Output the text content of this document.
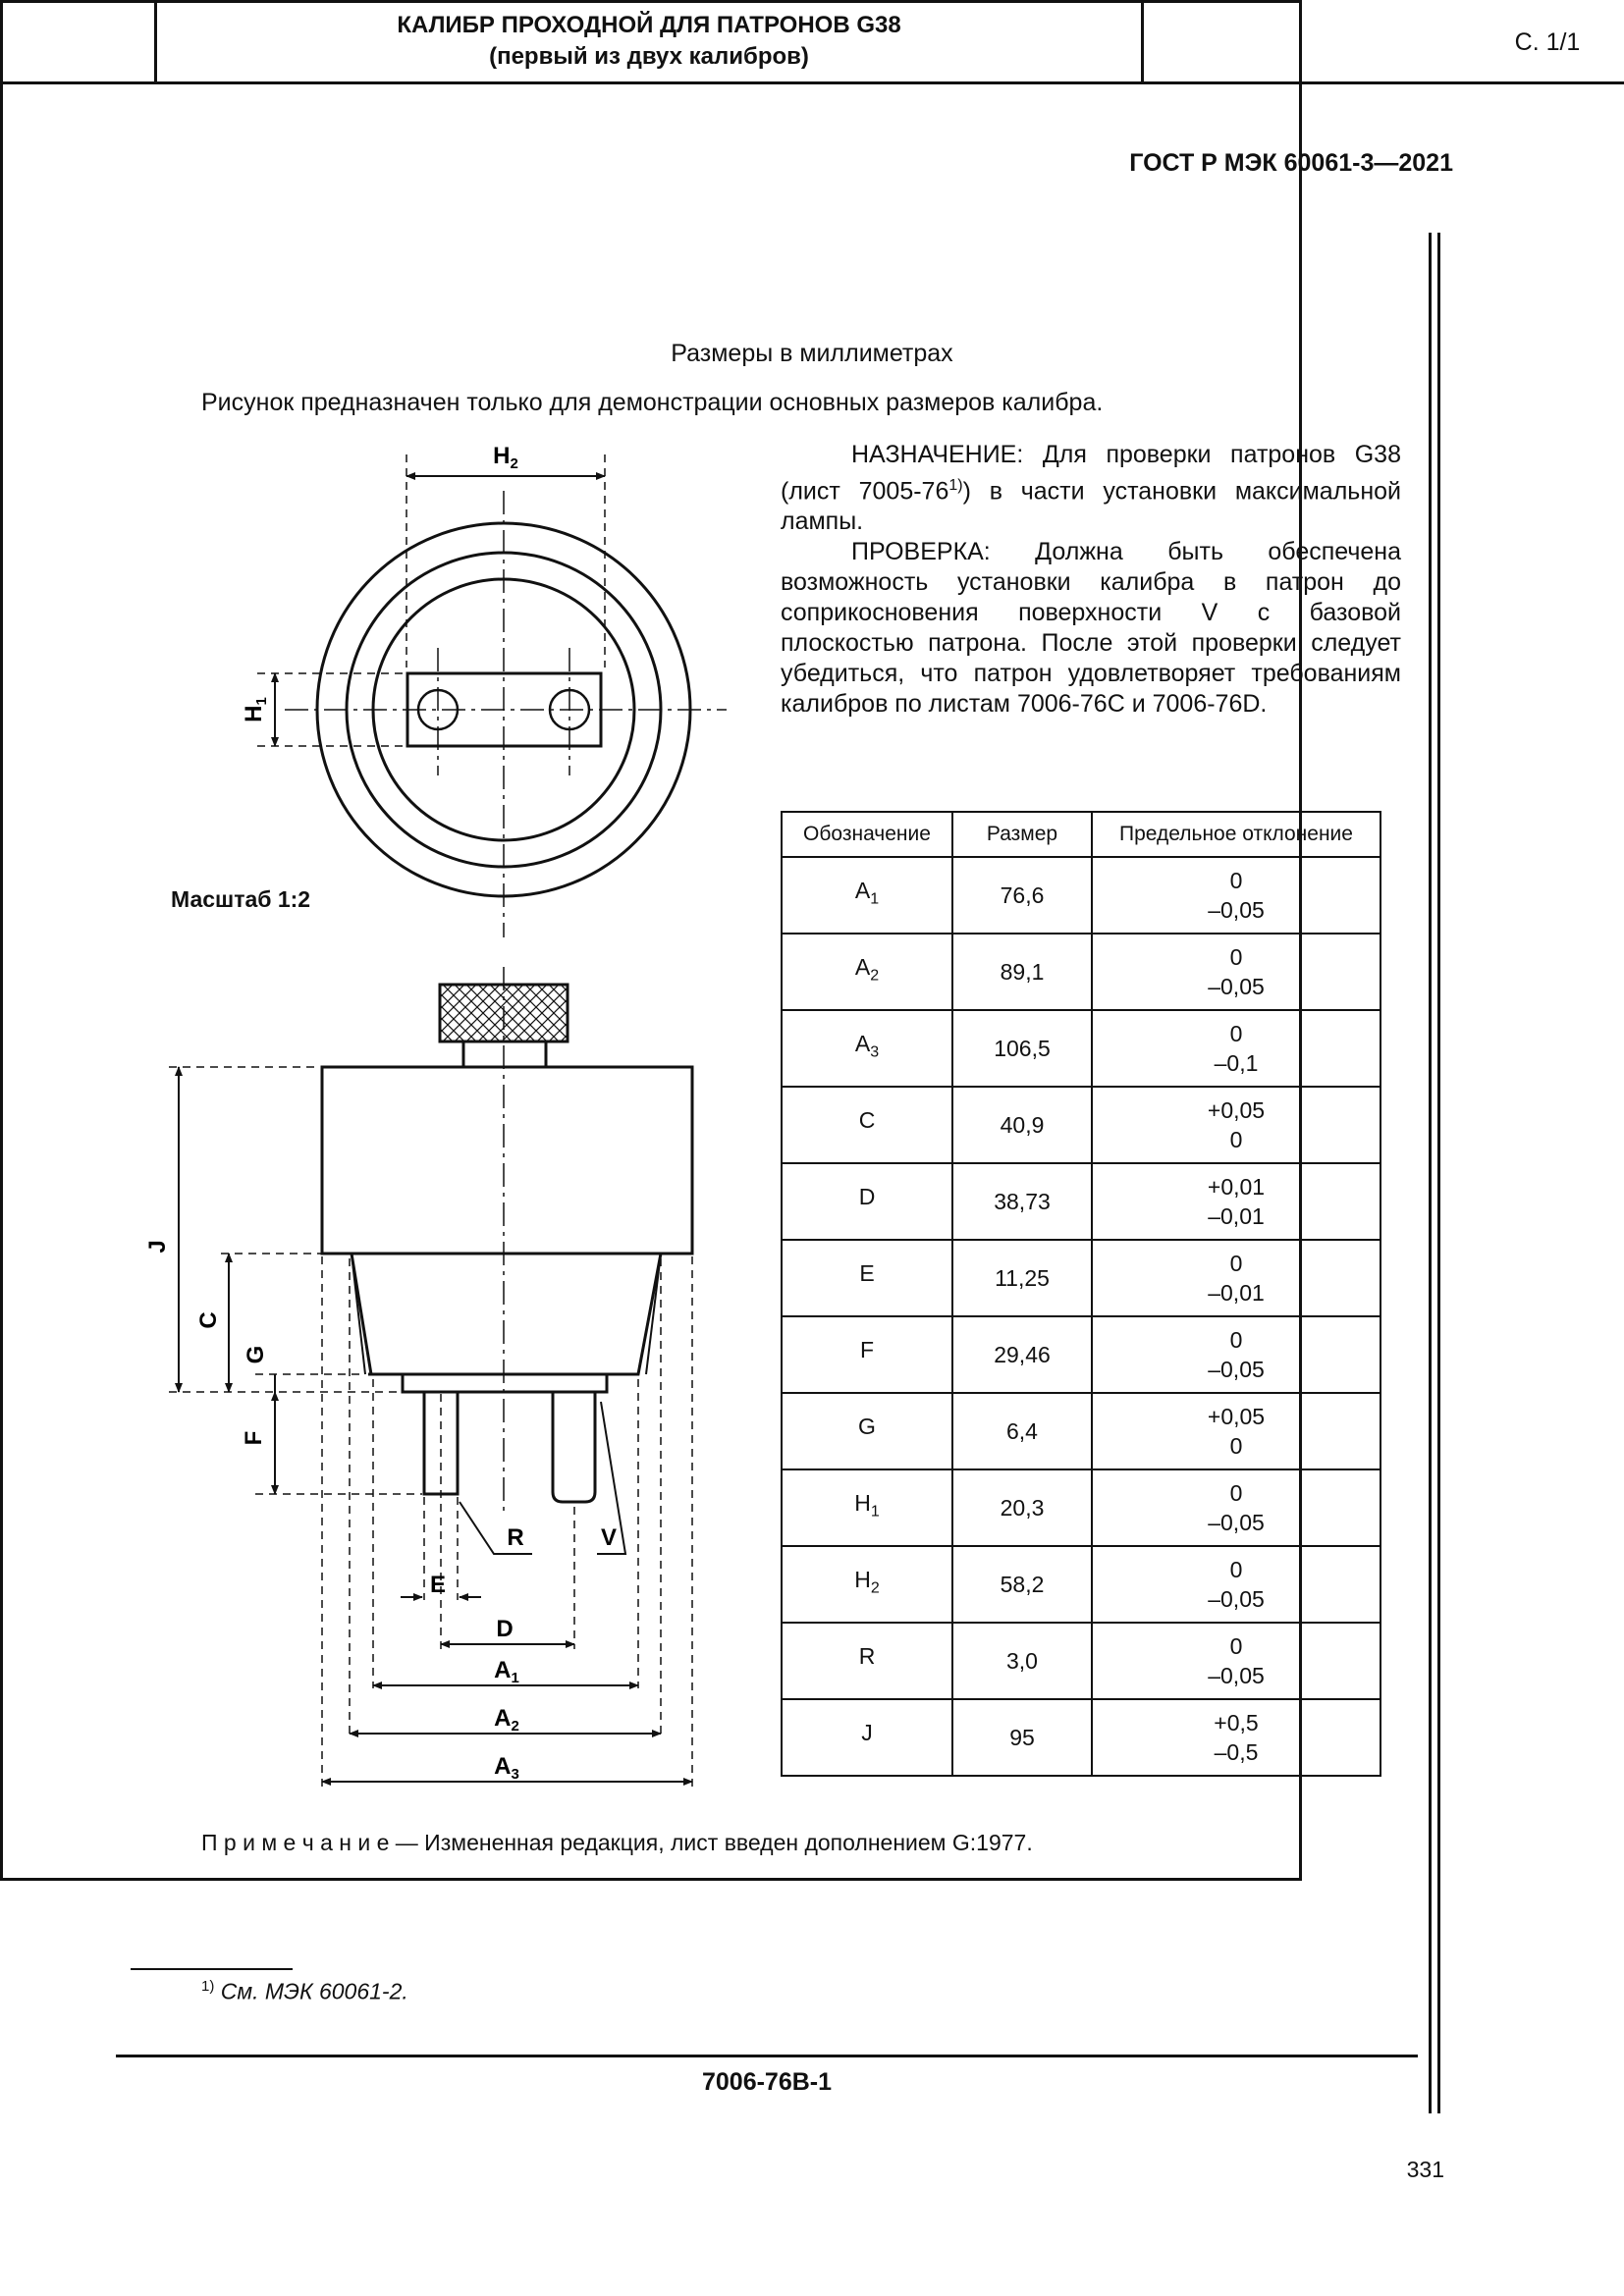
ГОСТ Р МЭК 60061-3—2021
КАЛИБР ПРОХОДНОЙ ДЛЯ ПАТРОНОВ G38
(первый из двух калибров)
С. 1/1
Размеры в миллиметрах
Рисунок предназначен только для демонстрации основных размеров калибра.

НАЗНАЧЕНИЕ: Для проверки патронов G38 (лист 7005-76$^{1)}$) в части установки максимальной лампы.

ПРОВЕРКА: Должна быть обеспечена возможность установки калибра в патрон до соприкосновения поверхности V с базовой плоскостью патрона. После этой проверки следует убедиться, что патрон удовлетворяет требованиям калибров по листам 7006-76С и 7006-76D.

Масштаб 1:2
$H_2$
$H_1$
J
C
G
F
R	V
E
D
$A_1$
$A_2$
$A_3$
Обозначение	Размер	Предельное отклонение
$A_1$	76,6	0
–0,05

$A_2$	89,1	0
–0,05

$A_3$	106,5	0
–0,1

C	40,9	+0,05
0

D	38,73	+0,01
–0,01

E	11,25	0
–0,01

F	29,46	0
–0,05

G	6,4	+0,05
0

$H_1$	20,3	0
–0,05

$H_2$	58,2	0
–0,05

R	3,0	0
–0,05

J	95	+0,5
–0,5
П р и м е ч а н и е — Измененная редакция, лист введен дополнением G:1977.
$^{1)}$ См. МЭК 60061-2.
7006-76B-1
331
